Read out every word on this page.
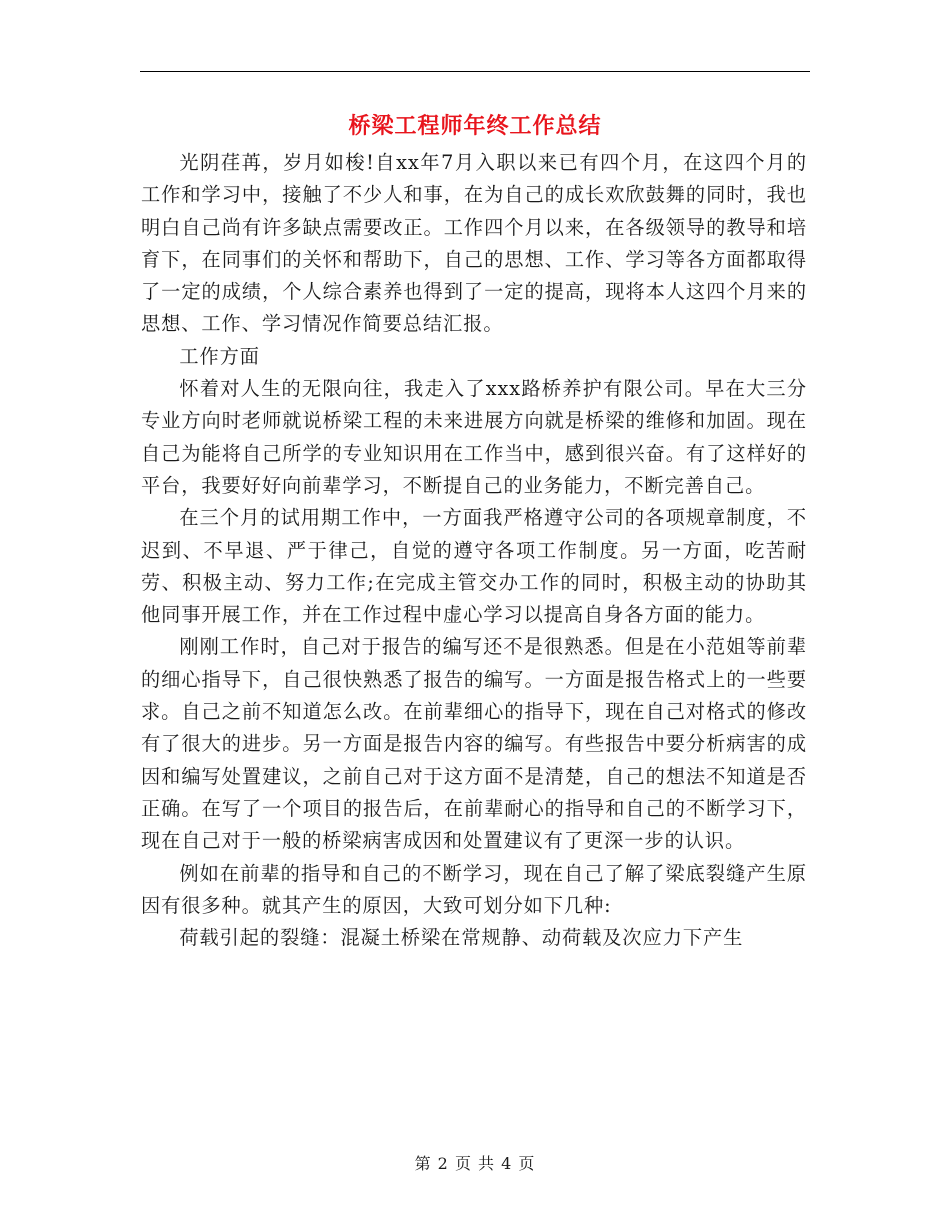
桥梁工程师年终工作总结

光阴荏苒，岁月如梭!自xx年7月入职以来已有四个月，在这四个月的工作和学习中，接触了不少人和事，在为自己的成长欢欣鼓舞的同时，我也明白自己尚有许多缺点需要改正。工作四个月以来，在各级领导的教导和培育下，在同事们的关怀和帮助下，自己的思想、工作、学习等各方面都取得了一定的成绩，个人综合素养也得到了一定的提高，现将本人这四个月来的思想、工作、学习情况作简要总结汇报。

工作方面

怀着对人生的无限向往，我走入了xxx路桥养护有限公司。早在大三分专业方向时老师就说桥梁工程的未来进展方向就是桥梁的维修和加固。现在自己为能将自己所学的专业知识用在工作当中，感到很兴奋。有了这样好的平台，我要好好向前辈学习，不断提自己的业务能力，不断完善自己。

在三个月的试用期工作中，一方面我严格遵守公司的各项规章制度，不迟到、不早退、严于律己，自觉的遵守各项工作制度。另一方面，吃苦耐劳、积极主动、努力工作;在完成主管交办工作的同时，积极主动的协助其他同事开展工作，并在工作过程中虚心学习以提高自身各方面的能力。

刚刚工作时，自己对于报告的编写还不是很熟悉。但是在小范姐等前辈的细心指导下，自己很快熟悉了报告的编写。一方面是报告格式上的一些要求。自己之前不知道怎么改。在前辈细心的指导下，现在自己对格式的修改有了很大的进步。另一方面是报告内容的编写。有些报告中要分析病害的成因和编写处置建议，之前自己对于这方面不是清楚，自己的想法不知道是否正确。在写了一个项目的报告后，在前辈耐心的指导和自己的不断学习下，现在自己对于一般的桥梁病害成因和处置建议有了更深一步的认识。

例如在前辈的指导和自己的不断学习，现在自己了解了梁底裂缝产生原因有很多种。就其产生的原因，大致可划分如下几种:

荷载引起的裂缝：混凝土桥梁在常规静、动荷载及次应力下产生

第 2 页 共 4 页
